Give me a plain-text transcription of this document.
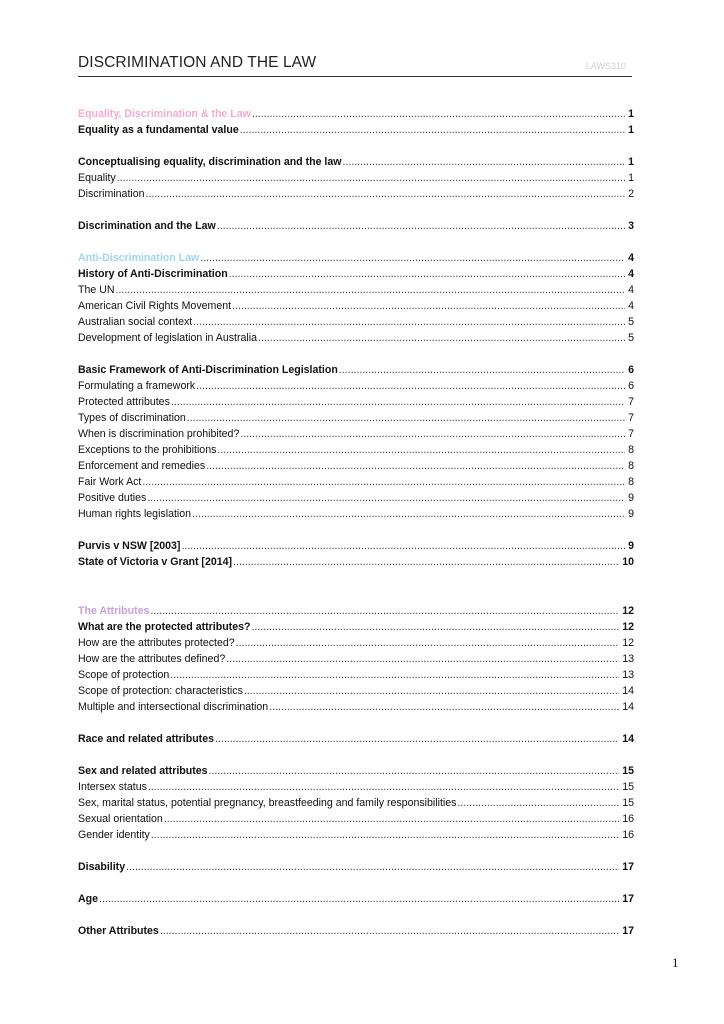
DISCRIMINATION AND THE LAW	LAWS310
Equality, Discrimination & the Law .....	1
Equality as a fundamental value .....	1
Conceptualising equality, discrimination and the law .....	1
Equality .....	1
Discrimination .....	2
Discrimination and the Law .....	3
Anti-Discrimination Law .....	4
History of Anti-Discrimination .....	4
The UN .....	4
American Civil Rights Movement .....	4
Australian social context .....	5
Development of legislation in Australia .....	5
Basic Framework of Anti-Discrimination Legislation .....	6
Formulating a framework .....	6
Protected attributes .....	7
Types of discrimination .....	7
When is discrimination prohibited? .....	7
Exceptions to the prohibitions .....	8
Enforcement and remedies .....	8
Fair Work Act .....	8
Positive duties .....	9
Human rights legislation .....	9
Purvis v NSW [2003] .....	9
State of Victoria v Grant [2014] .....	10
The Attributes .....	12
What are the protected attributes? .....	12
How are the attributes protected? .....	12
How are the attributes defined? .....	13
Scope of protection .....	13
Scope of protection: characteristics .....	14
Multiple and intersectional discrimination .....	14
Race and related attributes .....	14
Sex and related attributes .....	15
Intersex status .....	15
Sex, marital status, potential pregnancy, breastfeeding and family responsibilities .....	15
Sexual orientation .....	16
Gender identity .....	16
Disability .....	17
Age .....	17
Other Attributes .....	17
1
